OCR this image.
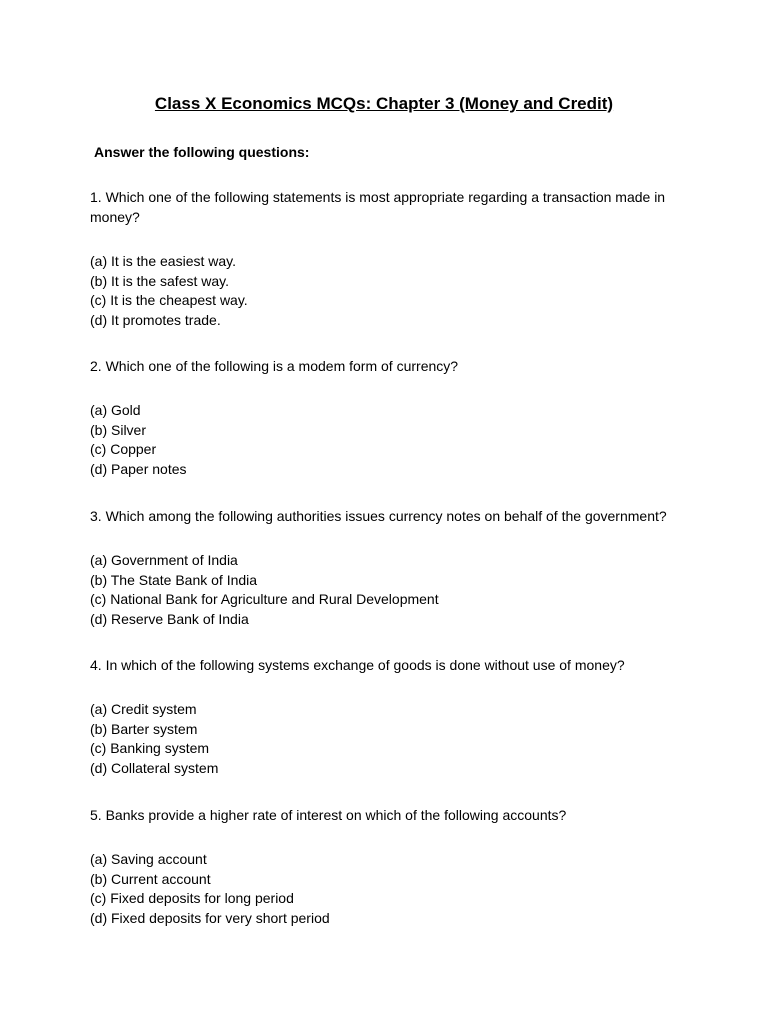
Class X Economics MCQs: Chapter 3 (Money and Credit)
Answer the following questions:

1. Which one of the following statements is most appropriate regarding a transaction made in money?

(a) It is the easiest way.
(b) It is the safest way.
(c) It is the cheapest way.
(d) It promotes trade.

2. Which one of the following is a modem form of currency?

(a) Gold
(b) Silver
(c) Copper
(d) Paper notes

3. Which among the following authorities issues currency notes on behalf of the government?

(a) Government of India
(b) The State Bank of India
(c) National Bank for Agriculture and Rural Development
(d) Reserve Bank of India

4. In which of the following systems exchange of goods is done without use of money?

(a) Credit system
(b) Barter system
(c) Banking system
(d) Collateral system

5. Banks provide a higher rate of interest on which of the following accounts?

(a) Saving account
(b) Current account
(c) Fixed deposits for long period
(d) Fixed deposits for very short period
